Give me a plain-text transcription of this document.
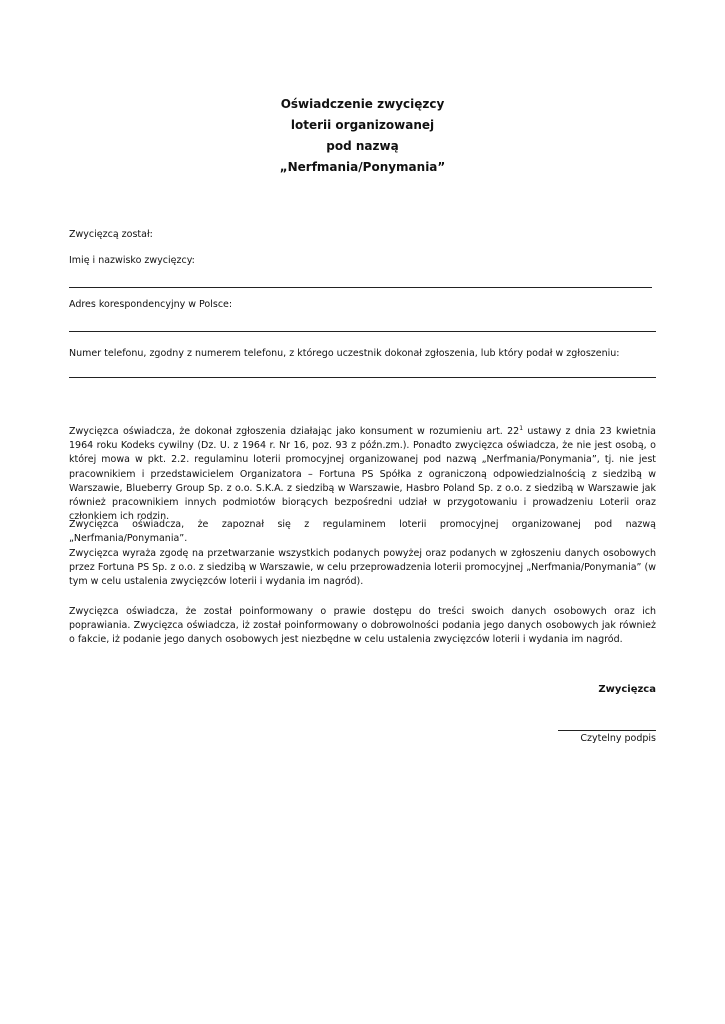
Oświadczenie zwycięzcy
loterii organizowanej
pod nazwą
„Nerfmania/Ponymania”
Zwycięzcą został:
Imię i nazwisko zwycięzcy:
Adres korespondencyjny w Polsce:
Numer telefonu, zgodny z numerem telefonu, z którego uczestnik dokonał zgłoszenia, lub który podał w zgłoszeniu:

Zwycięzca oświadcza, że dokonał zgłoszenia działając jako konsument w rozumieniu art. $22^1$ ustawy z dnia 23 kwietnia 1964 roku Kodeks cywilny (Dz. U. z 1964 r. Nr 16, poz. 93 z późn.zm.). Ponadto zwycięzca oświadcza, że nie jest osobą, o której mowa w pkt. 2.2. regulaminu loterii promocyjnej organizowanej pod nazwą „Nerfmania/Ponymania”, tj. nie jest pracownikiem i przedstawicielem Organizatora – Fortuna PS Spółka z ograniczoną odpowiedzialnością z siedzibą w Warszawie, Blueberry Group Sp. z o.o. S.K.A. z siedzibą w Warszawie, Hasbro Poland Sp. z o.o. z siedzibą w Warszawie jak również pracownikiem innych podmiotów biorących bezpośredni udział w przygotowaniu i prowadzeniu Loterii oraz członkiem ich rodzin.

Zwycięzca oświadcza, że zapoznał się z regulaminem loterii promocyjnej organizowanej pod nazwą „Nerfmania/Ponymania”.

Zwycięzca wyraża zgodę na przetwarzanie wszystkich podanych powyżej oraz podanych w zgłoszeniu danych osobowych przez Fortuna PS Sp. z o.o. z siedzibą w Warszawie, w celu przeprowadzenia loterii promocyjnej „Nerfmania/Ponymania” (w tym w celu ustalenia zwycięzców loterii i wydania im nagród).

Zwycięzca oświadcza, że został poinformowany o prawie dostępu do treści swoich danych osobowych oraz ich poprawiania. Zwycięzca oświadcza, iż został poinformowany o dobrowolności podania jego danych osobowych jak również o fakcie, iż podanie jego danych osobowych jest niezbędne w celu ustalenia zwycięzców loterii i wydania im nagród.

Zwycięzca
Czytelny podpis
